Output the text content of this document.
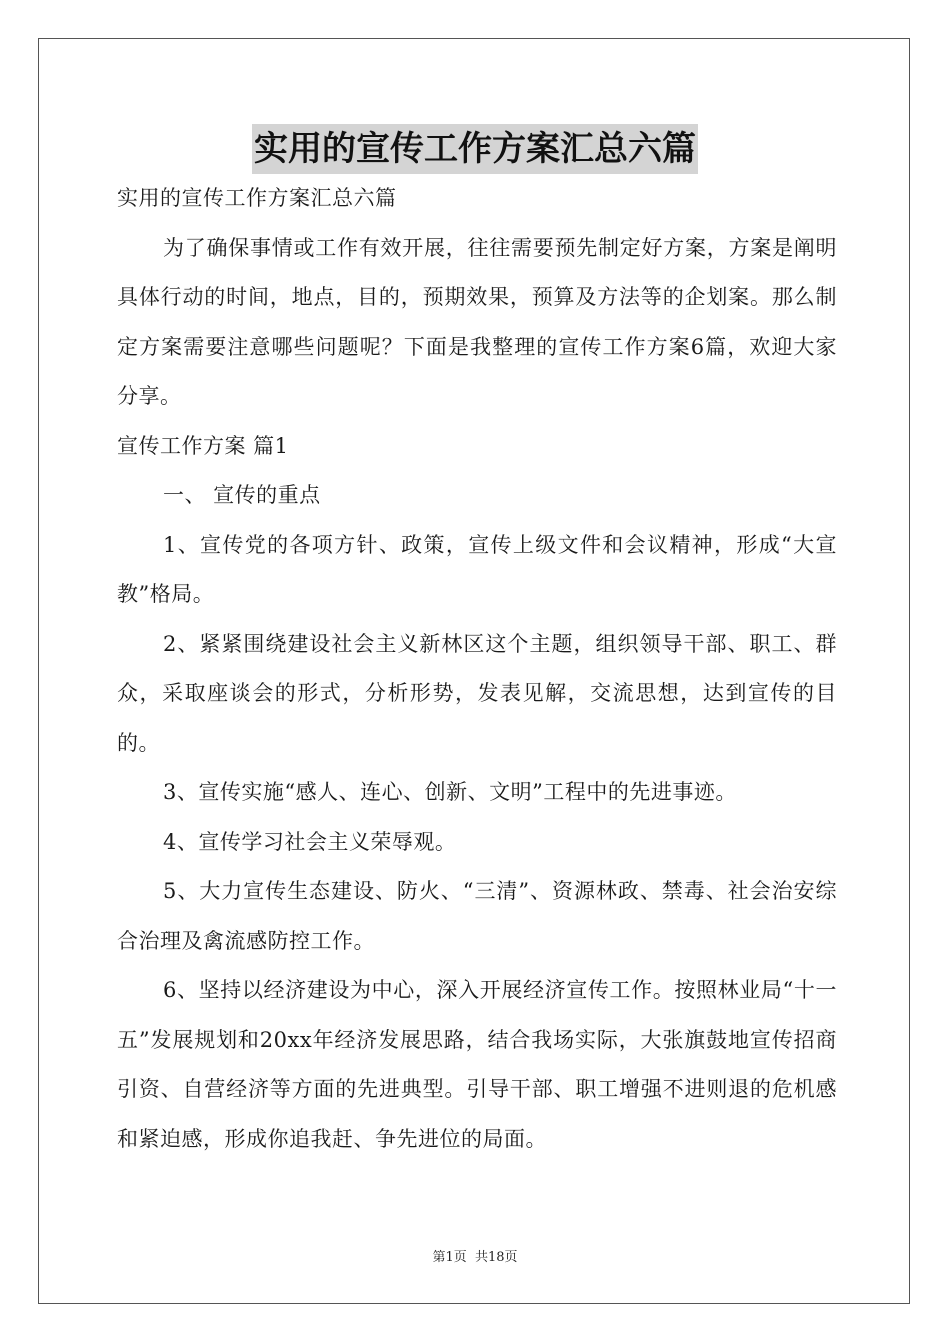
实用的宣传工作方案汇总六篇

实用的宣传工作方案汇总六篇

为了确保事情或工作有效开展，往往需要预先制定好方案，方案是阐明具体行动的时间，地点，目的，预期效果，预算及方法等的企划案。那么制定方案需要注意哪些问题呢？下面是我整理的宣传工作方案6篇，欢迎大家分享。

宣传工作方案 篇1

一、 宣传的重点

1、宣传党的各项方针、政策，宣传上级文件和会议精神，形成“大宣教”格局。

2、紧紧围绕建设社会主义新林区这个主题，组织领导干部、职工、群众，采取座谈会的形式，分析形势，发表见解，交流思想，达到宣传的目的。

3、宣传实施“感人、连心、创新、文明”工程中的先进事迹。

4、宣传学习社会主义荣辱观。

5、大力宣传生态建设、防火、“三清”、资源林政、禁毒、社会治安综合治理及禽流感防控工作。

6、坚持以经济建设为中心，深入开展经济宣传工作。按照林业局“十一五”发展规划和20xx年经济发展思路，结合我场实际，大张旗鼓地宣传招商引资、自营经济等方面的先进典型。引导干部、职工增强不进则退的危机感和紧迫感，形成你追我赶、争先进位的局面。

第1页 共18页
